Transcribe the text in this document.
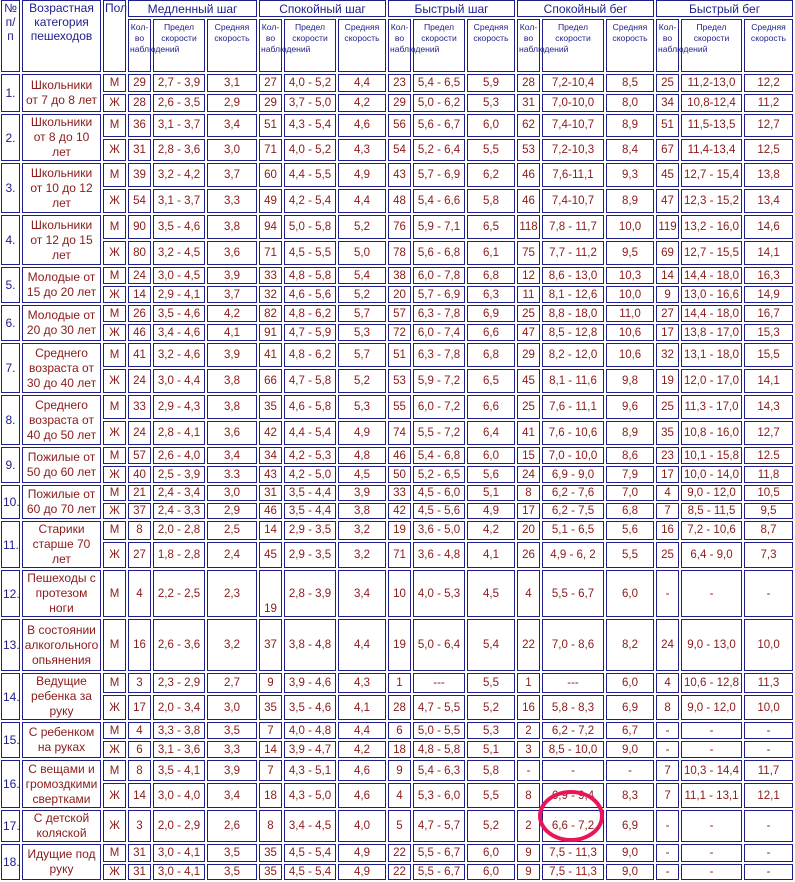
№ п/п	Возрастная категория пешеходов	Пол	Медленный шаг			Спокойный шаг			Быстрый шаг			Спокойный бег			Быстрый бег		
			Кол-во наблюдений	Предел скорости	Средняя скорость	Кол-во наблюдений	Предел скорости	Средняя скорость	Кол-во наблюдений	Предел скорости	Средняя скорость	Кол-во наблюдений	Предел скорости	Средняя скорость	Кол-во наблюдений	Предел скорости	Средняя скорость
1.	Школьники от 7 до 8 лет	М	29	2,7 - 3,9	3,1	27	4,0 - 5,2	4,4	23	5,4 - 6,5	5,9	28	7,2-10,4	8,5	25	11,2-13,0	12,2
		Ж	28	2,6 - 3,5	2,9	29	3,7 - 5,0	4,2	29	5,0 - 6,2	5,3	31	7,0-10,0	8,0	34	10,8-12,4	11,2
2.	Школьники от 8 до 10 лет	М	36	3,1 - 3,7	3,4	51	4,3 - 5,4	4,6	56	5,6 - 6,7	6,0	62	7,4-10,7	8,9	51	11,5-13,5	12,7
		Ж	31	2,8 - 3,6	3,0	71	4,0 - 5,2	4,3	54	5,2 - 6,4	5,5	53	7,2-10,3	8,4	67	11,4-13,4	12,5
3.	Школьники от 10 до 12 лет	М	39	3,2 - 4,2	3,7	60	4,4 - 5,5	4,9	43	5,7 - 6,9	6,2	46	7,6-11,1	9,3	45	12,7 - 15,4	13,8
		Ж	54	3,1 - 3,7	3,3	49	4,2 - 5,4	4,4	48	5,4 - 6,6	5,8	46	7,4-10,7	8,9	47	12,3 - 15,2	13,4
4.	Школьники от 12 до 15 лет	М	90	3,5 - 4,6	3,8	94	5,0 - 5,8	5,2	76	5,9 - 7,1	6,5	118	7,8 - 11,7	10,0	119	13,2 - 16,0	14,6
		Ж	80	3,2 - 4,5	3,6	71	4,5 - 5,5	5,0	78	5,6 - 6,8	6,1	75	7,7 - 11,2	9,5	69	12,7 - 15,5	14,1
5.	Молодые от 15 до 20 лет	М	24	3,0 - 4,5	3,9	33	4,8 - 5,8	5,4	38	6,0 - 7,8	6,8	12	8,6 - 13,0	10,3	14	14,4 - 18,0	16,3
		Ж	14	2,9 - 4,1	3,7	32	4,6 - 5,6	5,2	20	5,7 - 6,9	6,3	11	8,1 - 12,6	10,0	9	13,0 - 16,6	14,9
6.	Молодые от 20 до 30 лет	М	26	3,5 - 4,6	4,2	82	4,8 - 6,2	5,7	57	6,3 - 7,8	6,9	25	8,8 - 18,0	11,0	27	14,4 - 18,0	16,7
		Ж	46	3,4 - 4,6	4,1	91	4,7 - 5,9	5,3	72	6,0 - 7,4	6,6	47	8,5 - 12,8	10,6	17	13,8 - 17,0	15,3
7.	Среднего возраста от 30 до 40 лет	М	41	3,2 - 4,6	3,9	41	4,8 - 6,2	5,7	51	6,3 - 7,8	6,8	29	8,2 - 12,0	10,6	32	13,1 - 18,0	15,5
		Ж	24	3,0 - 4,4	3,8	66	4,7 - 5,8	5,2	53	5,9 - 7,2	6,5	45	8,1 - 11,6	9,8	19	12,0 - 17,0	14,1
8.	Среднего возраста от 40 до 50 лет	М	33	2,9 - 4,3	3,8	35	4,6 - 5,8	5,3	55	6,0 - 7,2	6,6	25	7,6 - 11,1	9,6	25	11,3 - 17,0	14,3
		Ж	24	2,8 - 4,1	3,6	42	4,4 - 5,4	4,9	74	5,5 - 7,2	6,4	41	7,6 - 10,6	8,9	35	10,8 - 16,0	12,7
9.	Пожилые от 50 до 60 лет	М	57	2,6 - 4,0	3,4	34	4,2 - 5,3	4,8	46	5,4 - 6,8	6,0	15	7,0 - 10,0	8,6	23	10,1 - 15,8	12.5
		Ж	40	2,5 - 3,9	3.3	43	4,2 - 5,0	4,5	50	5,2 - 6,5	5,6	24	6,9 - 9,0	7,9	17	10,0 - 14,0	11,8
10.	Пожилые от 60 до 70 лет	М	21	2,4 - 3,4	3,0	31	3,5 - 4,4	3,9	33	4,5 - 6,0	5,1	8	6,2 - 7,6	7,0	4	9,0 - 12,0	10,5
		Ж	37	2,4 - 3,3	2,9	46	3,5 - 4,4	3,8	42	4,5 - 5,6	4,9	17	6,2 - 7,5	6,8	7	8,5 - 11,5	9,5
11.	Старики старше 70 лет	М	8	2,0 - 2,8	2,5	14	2,9 - 3,5	3,2	19	3,6 - 5,0	4,2	20	5,1 - 6,5	5,6	16	7,2 - 10,6	8,7
		Ж	27	1,8 - 2,8	2,4	45	2,9 - 3,5	3,2	71	3,6 - 4,8	4,1	26	4,9 - 6, 2	5,5	25	6,4 - 9,0	7,3
12.	Пешеходы с протезом ноги	М	4	2,2 - 2,5	2,3	19	2,8 - 3,9	3,4	10	4,0 - 5,3	4,5	4	5,5 - 6,7	6,0	-	-	-
13.	В состоянии алкогольного опьянения	М	16	2,6 - 3,6	3,2	37	3,8 - 4,8	4,4	19	5,0 - 6,4	5,4	22	7,0 - 8,6	8,2	24	9,0 - 13,0	10,0
14.	Ведущие ребенка за руку	М	3	2,3 - 2,9	2,7	9	3,9 - 4,6	4,3	1	---	5,5	1	---	6,0	4	10,6 - 12,8	11,3
		Ж	17	2,0 - 3,4	3,0	35	3,5 - 4,6	4,1	28	4,7 - 5,5	5,2	16	5,8 - 8,3	6,9	8	9,0 - 12,0	10,0
15.	С ребенком на руках	М	4	3,3 - 3,8	3,5	7	4,0 - 4,8	4,4	6	5,0 - 5,5	5,3	2	6,2 - 7,2	6,7	-	-	-
		Ж	6	3,1 - 3,6	3,3	14	3,9 - 4,7	4,2	18	4,8 - 5,8	5,1	3	8,5 - 10,0	9,0	-	-	-
16.	С вещами и громоздкими свертками	М	8	3,5 - 4,1	3,9	7	4,3 - 5,1	4,6	9	5,4 - 6,3	5,8	-	-	-	7	10,3 - 14,4	11,7
		Ж	14	3,0 - 4,0	3,4	18	4,3 - 5,0	4,6	4	5,3 - 6,0	5,5	8	6,9 - 9,4	8,3	7	11,1 - 13,1	12,1
17.	С детской коляской	Ж	3	2,0 - 2,9	2,6	8	3,4 - 4,5	4,0	5	4,7 - 5,7	5,2	2	6,6 - 7,2	6,9	-	-	-
18.	Идущие под руку	М	31	3,0 - 4,1	3,5	35	4,5 - 5,4	4,9	22	5,5 - 6,7	6,0	9	7,5 - 11,3	9,0	-	-	-
		Ж	31	3,0 - 4,1	3,5	35	4,5 - 5,4	4,9	22	5,5 - 6,7	6,0	9	7,5 - 11,3	9,0	-	-	-
